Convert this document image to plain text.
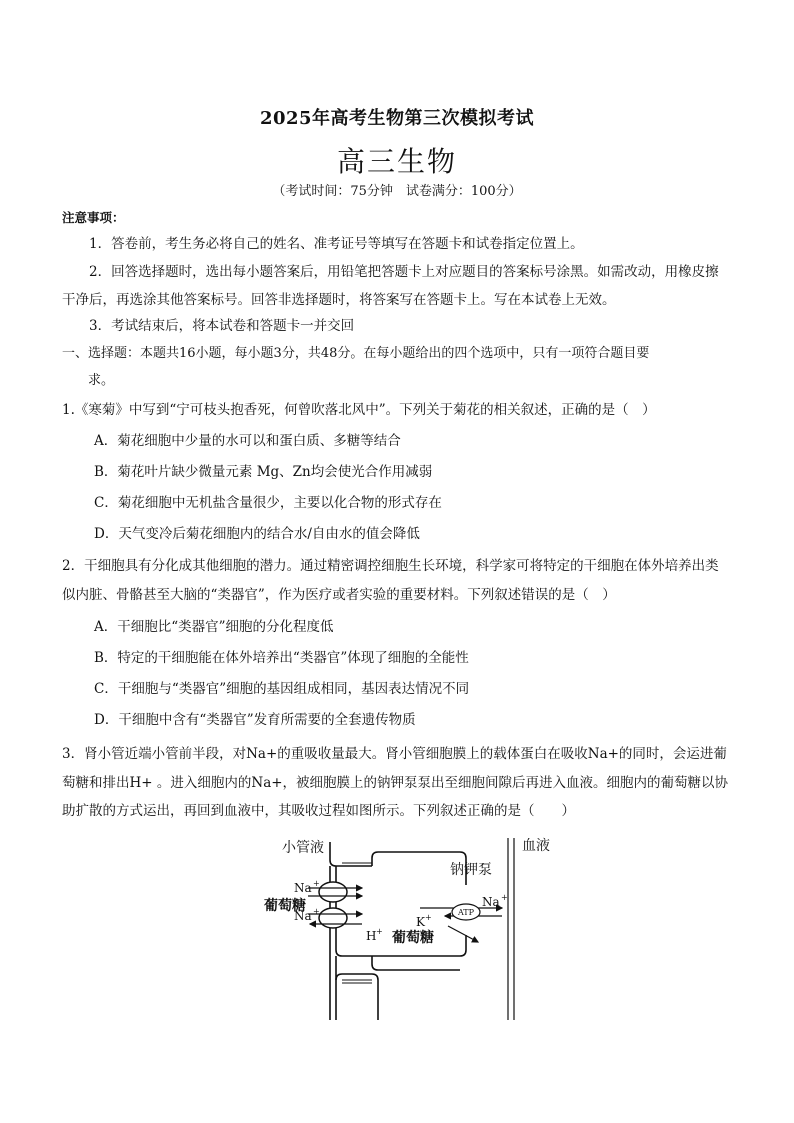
2025年高考生物第三次模拟考试
高三生物
（考试时间：75分钟　试卷满分：100分）
注意事项：
1．答卷前，考生务必将自己的姓名、准考证号等填写在答题卡和试卷指定位置上。
2．回答选择题时，选出每小题答案后，用铅笔把答题卡上对应题目的答案标号涂黑。如需改动，用橡皮擦干净后，再选涂其他答案标号。回答非选择题时，将答案写在答题卡上。写在本试卷上无效。
3．考试结束后，将本试卷和答题卡一并交回
一、选择题：本题共16小题，每小题3分，共48分。在每小题给出的四个选项中，只有一项符合题目要
求。
1.《寒菊》中写到“宁可枝头抱香死，何曾吹落北风中”。下列关于菊花的相关叙述，正确的是（　）
A．菊花细胞中少量的水可以和蛋白质、多糖等结合
B．菊花叶片缺少微量元素 Mg、Zn均会使光合作用减弱
C．菊花细胞中无机盐含量很少，主要以化合物的形式存在
D．天气变冷后菊花细胞内的结合水/自由水的值会降低
2．干细胞具有分化成其他细胞的潜力。通过精密调控细胞生长环境，科学家可将特定的干细胞在体外培养出类似内脏、骨骼甚至大脑的“类器官”，作为医疗或者实验的重要材料。下列叙述错误的是（　）
A．干细胞比“类器官”细胞的分化程度低
B．特定的干细胞能在体外培养出“类器官”体现了细胞的全能性
C．干细胞与“类器官”细胞的基因组成相同，基因表达情况不同
D．干细胞中含有“类器官”发育所需要的全套遗传物质
3．肾小管近端小管前半段，对Na+的重吸收量最大。肾小管细胞膜上的载体蛋白在吸收Na+的同时，会运进葡萄糖和排出H+ 。进入细胞内的Na+，被细胞膜上的钠钾泵泵出至细胞间隙后再进入血液。细胞内的葡萄糖以协助扩散的方式运出，再回到血液中，其吸收过程如图所示。下列叙述正确的是（　　）
ATP
小管液	血液
钠钾泵
Na +
葡萄糖
Na +
H +
K +
Na +
葡萄糖
